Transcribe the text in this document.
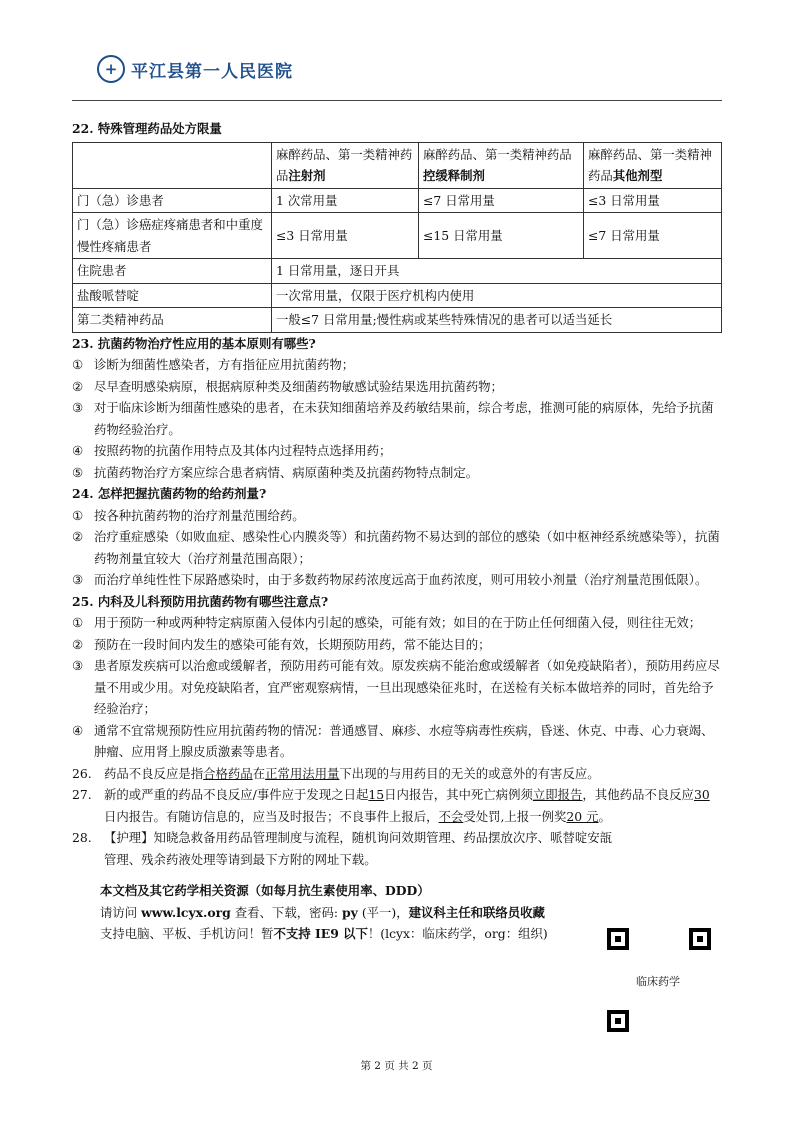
+ 平江县第一人民医院
22. 特殊管理药品处方限量
	麻醉药品、第一类精神药品注射剂	麻醉药品、第一类精神药品控缓释制剂	麻醉药品、第一类精神药品其他剂型
门（急）诊患者	1 次常用量	≤7 日常用量	≤3 日常用量
门（急）诊癌症疼痛患者和中重度慢性疼痛患者	≤3 日常用量	≤15 日常用量	≤7 日常用量
住院患者	1 日常用量，逐日开具		
盐酸哌替啶	一次常用量，仅限于医疗机构内使用		
第二类精神药品	一般≤7 日常用量;慢性病或某些特殊情况的患者可以适当延长		
23. 抗菌药物治疗性应用的基本原则有哪些?
① 诊断为细菌性感染者，方有指征应用抗菌药物；
② 尽早查明感染病原，根据病原种类及细菌药物敏感试验结果选用抗菌药物；
③ 对于临床诊断为细菌性感染的患者，在未获知细菌培养及药敏结果前，综合考虑，推测可能的病原体，先给予抗菌药物经验治疗。
④ 按照药物的抗菌作用特点及其体内过程特点选择用药；
⑤ 抗菌药物治疗方案应综合患者病情、病原菌种类及抗菌药物特点制定。
24. 怎样把握抗菌药物的给药剂量?
① 按各种抗菌药物的治疗剂量范围给药。
② 治疗重症感染（如败血症、感染性心内膜炎等）和抗菌药物不易达到的部位的感染（如中枢神经系统感染等），抗菌药物剂量宜较大（治疗剂量范围高限）；
③ 而治疗单纯性性下尿路感染时，由于多数药物尿药浓度远高于血药浓度，则可用较小剂量（治疗剂量范围低限）。
25. 内科及儿科预防用抗菌药物有哪些注意点?
① 用于预防一种或两种特定病原菌入侵体内引起的感染，可能有效；如目的在于防止任何细菌入侵，则往往无效；
② 预防在一段时间内发生的感染可能有效，长期预防用药，常不能达目的；
③ 患者原发疾病可以治愈或缓解者，预防用药可能有效。原发疾病不能治愈或缓解者（如免疫缺陷者），预防用药应尽量不用或少用。对免疫缺陷者，宜严密观察病情，一旦出现感染征兆时，在送检有关标本做培养的同时，首先给予经验治疗；
④ 通常不宜常规预防性应用抗菌药物的情况：普通感冒、麻疹、水痘等病毒性疾病，昏迷、休克、中毒、心力衰竭、肿瘤、应用肾上腺皮质激素等患者。
26. 药品不良反应是指合格药品在正常用法用量下出现的与用药目的无关的或意外的有害反应。
27. 新的或严重的药品不良反应/事件应于发现之日起15日内报告，其中死亡病例须立即报告，其他药品不良反应30日内报告。有随访信息的，应当及时报告；不良事件上报后，不会受处罚,上报一例奖20 元。
28. 【护理】知晓急救备用药品管理制度与流程，随机询问效期管理、药品摆放次序、哌替啶安瓿管理、残余药液处理等请到最下方附的网址下载。
本文档及其它药学相关资源（如每月抗生素使用率、DDD）
请访问 www.lcyx.org 查看、下载，密码: py (平一)，建议科主任和联络员收藏
支持电脑、平板、手机访问！暂不支持 IE9 以下！(lcyx：临床药学，org：组织)
临床药学
第 2 页 共 2 页
